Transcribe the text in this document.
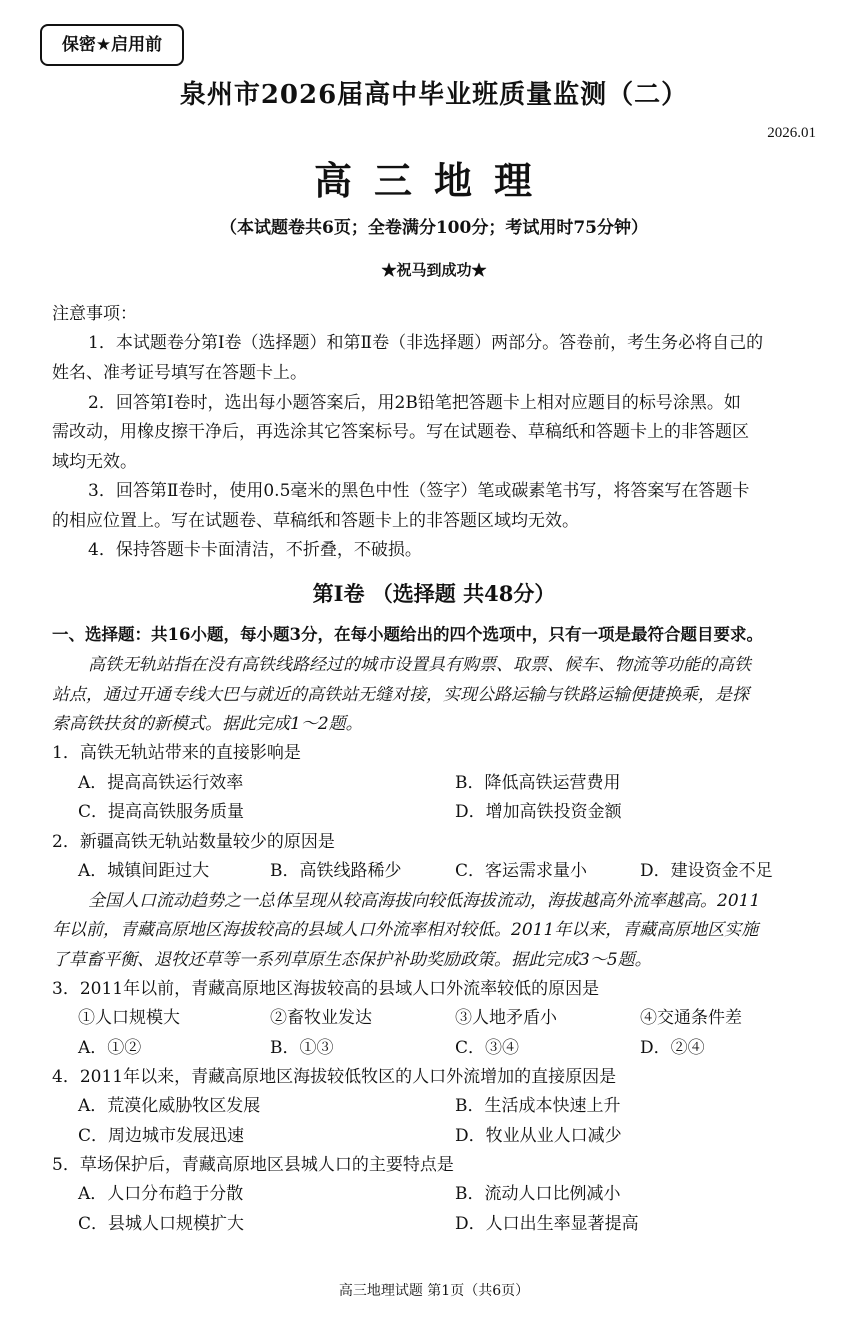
保密★启用前
泉州市2026届高中毕业班质量监测（二）
2026.01
高三地理
（本试题卷共6页；全卷满分100分；考试用时75分钟）
★祝马到成功★
注意事项：
1．本试题卷分第Ⅰ卷（选择题）和第Ⅱ卷（非选择题）两部分。答卷前，考生务必将自己的
姓名、准考证号填写在答题卡上。
2．回答第Ⅰ卷时，选出每小题答案后，用2B铅笔把答题卡上相对应题目的标号涂黑。如
需改动，用橡皮擦干净后，再选涂其它答案标号。写在试题卷、草稿纸和答题卡上的非答题区
域均无效。
3．回答第Ⅱ卷时，使用0.5毫米的黑色中性（签字）笔或碳素笔书写，将答案写在答题卡
的相应位置上。写在试题卷、草稿纸和答题卡上的非答题区域均无效。
4．保持答题卡卡面清洁，不折叠，不破损。
第Ⅰ卷 （选择题 共48分）
一、选择题：共16小题，每小题3分，在每小题给出的四个选项中，只有一项是最符合题目要求。
高铁无轨站指在没有高铁线路经过的城市设置具有购票、取票、候车、物流等功能的高铁
站点，通过开通专线大巴与就近的高铁站无缝对接，实现公路运输与铁路运输便捷换乘，是探
索高铁扶贫的新模式。据此完成1～2题。
1．高铁无轨站带来的直接影响是
A．提高高铁运行效率	B．降低高铁运营费用
C．提高高铁服务质量	D．增加高铁投资金额
2．新疆高铁无轨站数量较少的原因是
A．城镇间距过大	B．高铁线路稀少	C．客运需求量小	D．建设资金不足
全国人口流动趋势之一总体呈现从较高海拔向较低海拔流动，海拔越高外流率越高。2011
年以前，青藏高原地区海拔较高的县域人口外流率相对较低。2011年以来，青藏高原地区实施
了草畜平衡、退牧还草等一系列草原生态保护补助奖励政策。据此完成3～5题。
3．2011年以前，青藏高原地区海拔较高的县域人口外流率较低的原因是
①人口规模大	②畜牧业发达	③人地矛盾小	④交通条件差
A．①②	B．①③	C．③④	D．②④
4．2011年以来，青藏高原地区海拔较低牧区的人口外流增加的直接原因是
A．荒漠化威胁牧区发展	B．生活成本快速上升
C．周边城市发展迅速	D．牧业从业人口减少
5．草场保护后，青藏高原地区县城人口的主要特点是
A．人口分布趋于分散	B．流动人口比例减小
C．县城人口规模扩大	D．人口出生率显著提高
高三地理试题 第1页（共6页）
